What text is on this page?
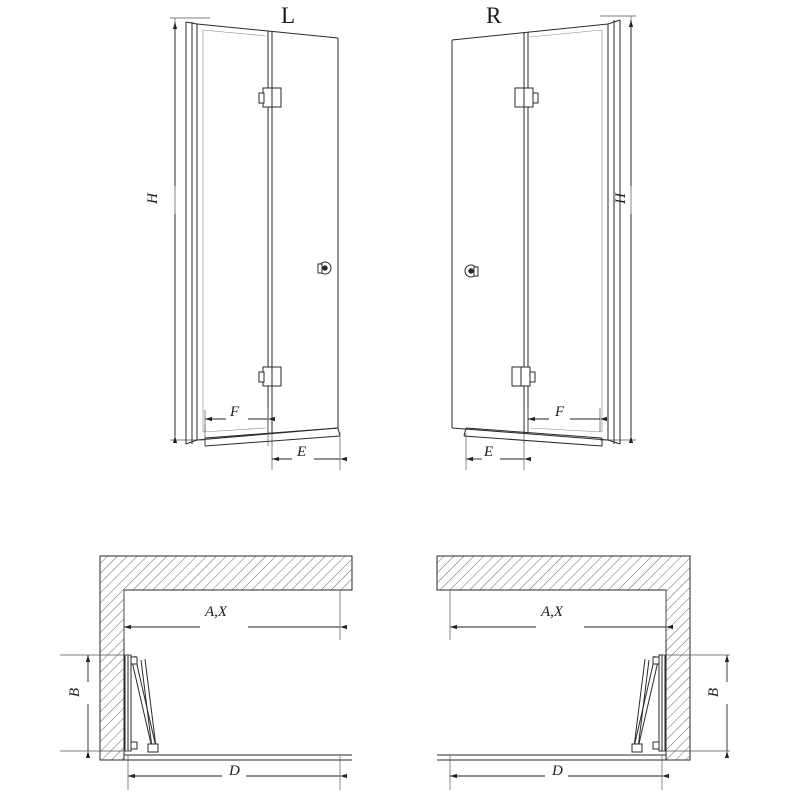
L	R
H
F
E
H
F
E
A,X
B
D
A,X
B
D
